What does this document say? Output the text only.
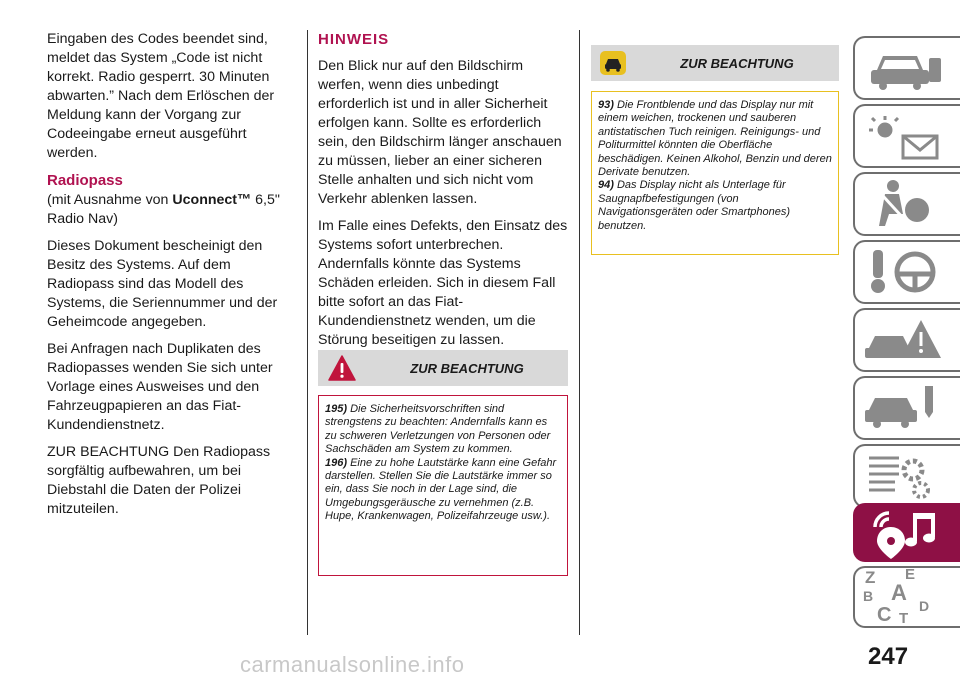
Eingaben des Codes beendet sind, meldet das System „Code ist nicht korrekt. Radio gesperrt. 30 Minuten abwarten.” Nach dem Erlöschen der Meldung kann der Vorgang zur Codeeingabe erneut ausgeführt werden.

Radiopass

(mit Ausnahme von Uconnect™ 6,5" Radio Nav)

Dieses Dokument bescheinigt den Besitz des Systems. Auf dem Radiopass sind das Modell des Systems, die Seriennummer und der Geheimcode angegeben.

Bei Anfragen nach Duplikaten des Radiopasses wenden Sie sich unter Vorlage eines Ausweises und den Fahrzeugpapieren an das Fiat-Kundendienstnetz.

ZUR BEACHTUNG Den Radiopass sorgfältig aufbewahren, um bei Diebstahl die Daten der Polizei mitzuteilen.

HINWEIS

Den Blick nur auf den Bildschirm werfen, wenn dies unbedingt erforderlich ist und in aller Sicherheit erfolgen kann. Sollte es erforderlich sein, den Bildschirm länger anschauen zu müssen, lieber an einer sicheren Stelle anhalten und sich nicht vom Verkehr ablenken lassen.

Im Falle eines Defekts, den Einsatz des Systems sofort unterbrechen. Andernfalls könnte das Systems Schäden erleiden. Sich in diesem Fall bitte sofort an das Fiat-Kundendienstnetz wenden, um die Störung beseitigen zu lassen.

ZUR BEACHTUNG
195) Die Sicherheitsvorschriften sind strengstens zu beachten: Andernfalls kann es zu schweren Verletzungen von Personen oder Sachschäden am System zu kommen.
196) Eine zu hohe Lautstärke kann eine Gefahr darstellen. Stellen Sie die Lautstärke immer so ein, dass Sie noch in der Lage sind, die Umgebungsgeräusche zu vernehmen (z.B. Hupe, Krankenwagen, Polizeifahrzeuge usw.).
ZUR BEACHTUNG
93) Die Frontblende und das Display nur mit einem weichen, trockenen und sauberen antistatischen Tuch reinigen. Reinigungs- und Politurmittel könnten die Oberfläche beschädigen. Keinen Alkohol, Benzin und deren Derivate benutzen.
94) Das Display nicht als Unterlage für Saugnapfbefestigungen (von Navigationsgeräten oder Smartphones) benutzen.
Z E
B A
C D
T
247
carmanualsonline.info
